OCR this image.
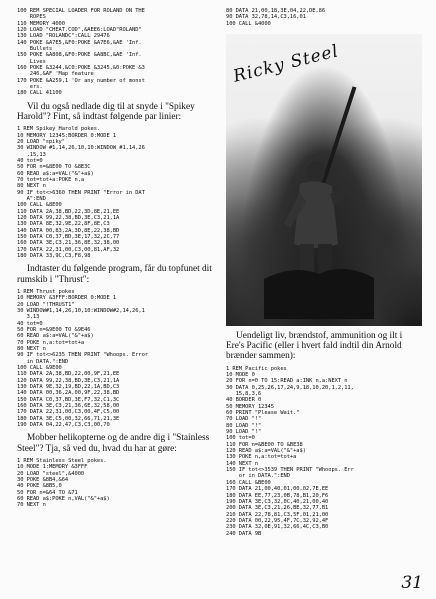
100 REM SPECIAL LOADER FOR ROLAND ON THE
ROPES
110 MEMORY 4000
120 LOAD "CHEAT.COD",&AEE6:LOAD"ROLAND"
130 LOAD "ROLANDC":CALL 29476
140 POKE &A7E5,&F0:POKE &A7E6,&AE 'Inf.
Bullets
150 POKE &A808,&F0:POKE &A8BC,&AE 'Inf.
Lives
160 POKE &3244,&C0:POKE &3245,&0:POKE &3
246,&AF 'Map feature
170 POKE &A259,1 'Or any number of monst
ers.
180 CALL 41100

Vil du også nedlade dig til at snyde i "Spikey Harold"? Fint, så indtast følgende par linier:

1 REM Spikey Harold pokes.
10 MEMORY 12345:BORDER 0:MODE 1
20 LOAD "spiky"
30 WINDOW #1,14,26,10,10:WINDOW #1,14,26
,15,13
40 tot=0
50 FOR n=&8E00 TO &8E3C
60 READ a$:a=VAL("&"+a$)
70 tot=tot+a:POKE n,a
80 NEXT n
90 IF tot<>6360 THEN PRINT "Error in DAT
A":END
100 CALL &8E00
110 DATA 2A,38,BD,22,3D,8E,21,EE
120 DATA 99,22,38,BD,3E,C3,21,1A
130 DATA 8E,32,9E,22,8F,8E,C3
140 DATA 00,83,2A,3D,8E,22,38,BD
150 DATA C0,37,BD,3E,17,32,2C,77
160 DATA 3E,C3,21,36,8E,32,38,00
170 DATA 22,31,00,C3,00,81,AF,32
180 DATA 33,9C,C3,F8,98

Indtaster du følgende program, får du topfunet dit rumskib i "Thrust":

1 REM Thrust pokes
10 MEMORY &3FFF:BORDER 0:MODE 1
20 LOAD "!THRUST1"
30 WINDOW#1,14,26,10,10:WINDOW#2,14,26,1
3,13
40 tot=0
50 FOR n=&9E00 TO &9E46
60 READ a$:a=VAL("&"+a$)
70 POKE n,a:tot=tot+a
80 NEXT n
90 IF tot<>6235 THEN PRINT "Whoops. Error
in DATA.":END
100 CALL &9E00
110 DATA 2A,38,BD,22,00,9F,21,EE
120 DATA 99,22,38,BD,3E,C3,21,1A
130 DATA 9E,32,19,BD,22,1A,BD,C3
140 DATA 00,36,2A,00,9F,22,38,BD
150 DATA C0,37,BD,3E,F7,32,C1,3C
160 DATA 3E,C3,21,36,6E,32,58,00
170 DATA 22,31,00,C3,00,4F,C5,00
180 DATA 3E,C5,00,32,66,71,21,3E
190 DATA 04,22,47,C3,C3,00,70

Mobber helikopterne og de andre dig i "Stainless Steel"? Tja, så ved du, hvad du har at gøre:

1 REM Stainless Steel pokes.
10 MODE 1:MEMORY &3FFF
20 LOAD "steel",&4000
30 POKE &8B4,&64
40 POKE &8B5,0
50 FOR n=&64 TO &71
60 READ a$:POKE n,VAL("&"+a$)
70 NEXT n
80 DATA 21,00,18,3E,04,22,DE,86
90 DATA 32,78,14,C3,16,01
100 CALL &4000
Ricky Steel

Uendeligt liv, brændstof, ammunition og ilt i Ere's Pacific (eller i hvert fald indtil din Arnold brænder sammen):

1 REM Pacific pokes
10 MODE 0
20 FOR n=0 TO 15:READ a:INK n,a:NEXT n
30 DATA 0,25,26,17,24,9,18,10,20,1,2,11,
15,8,3,6
40 BORDER 0
50 MEMORY 12345
60 PRINT "Please Wait."
70 LOAD "!"
80 LOAD "!"
90 LOAD "!"
100 tot=0
110 FOR n=&BE00 TO &BE38
120 READ a$:a=VAL("&"+a$)
130 POKE n,a:tot=tot+a
140 NEXT n
150 IF tot<>3539 THEN PRINT "Whoops. Err
or in DATA.":END
160 CALL &BE00
170 DATA 21,00,40,01,00,02,7E,EE
180 DATA EE,77,23,0B,78,B1,20,F6
190 DATA 3E,C3,32,0C,40,21,00,40
200 DATA 3E,C3,21,26,BE,32,77,B1
210 DATA 22,78,81,C3,5F,01,21,00
220 DATA 00,22,95,4F,7C,32,92,4F
230 DATA 32,0E,91,32,66,4C,C3,B0
240 DATA 9B
31
